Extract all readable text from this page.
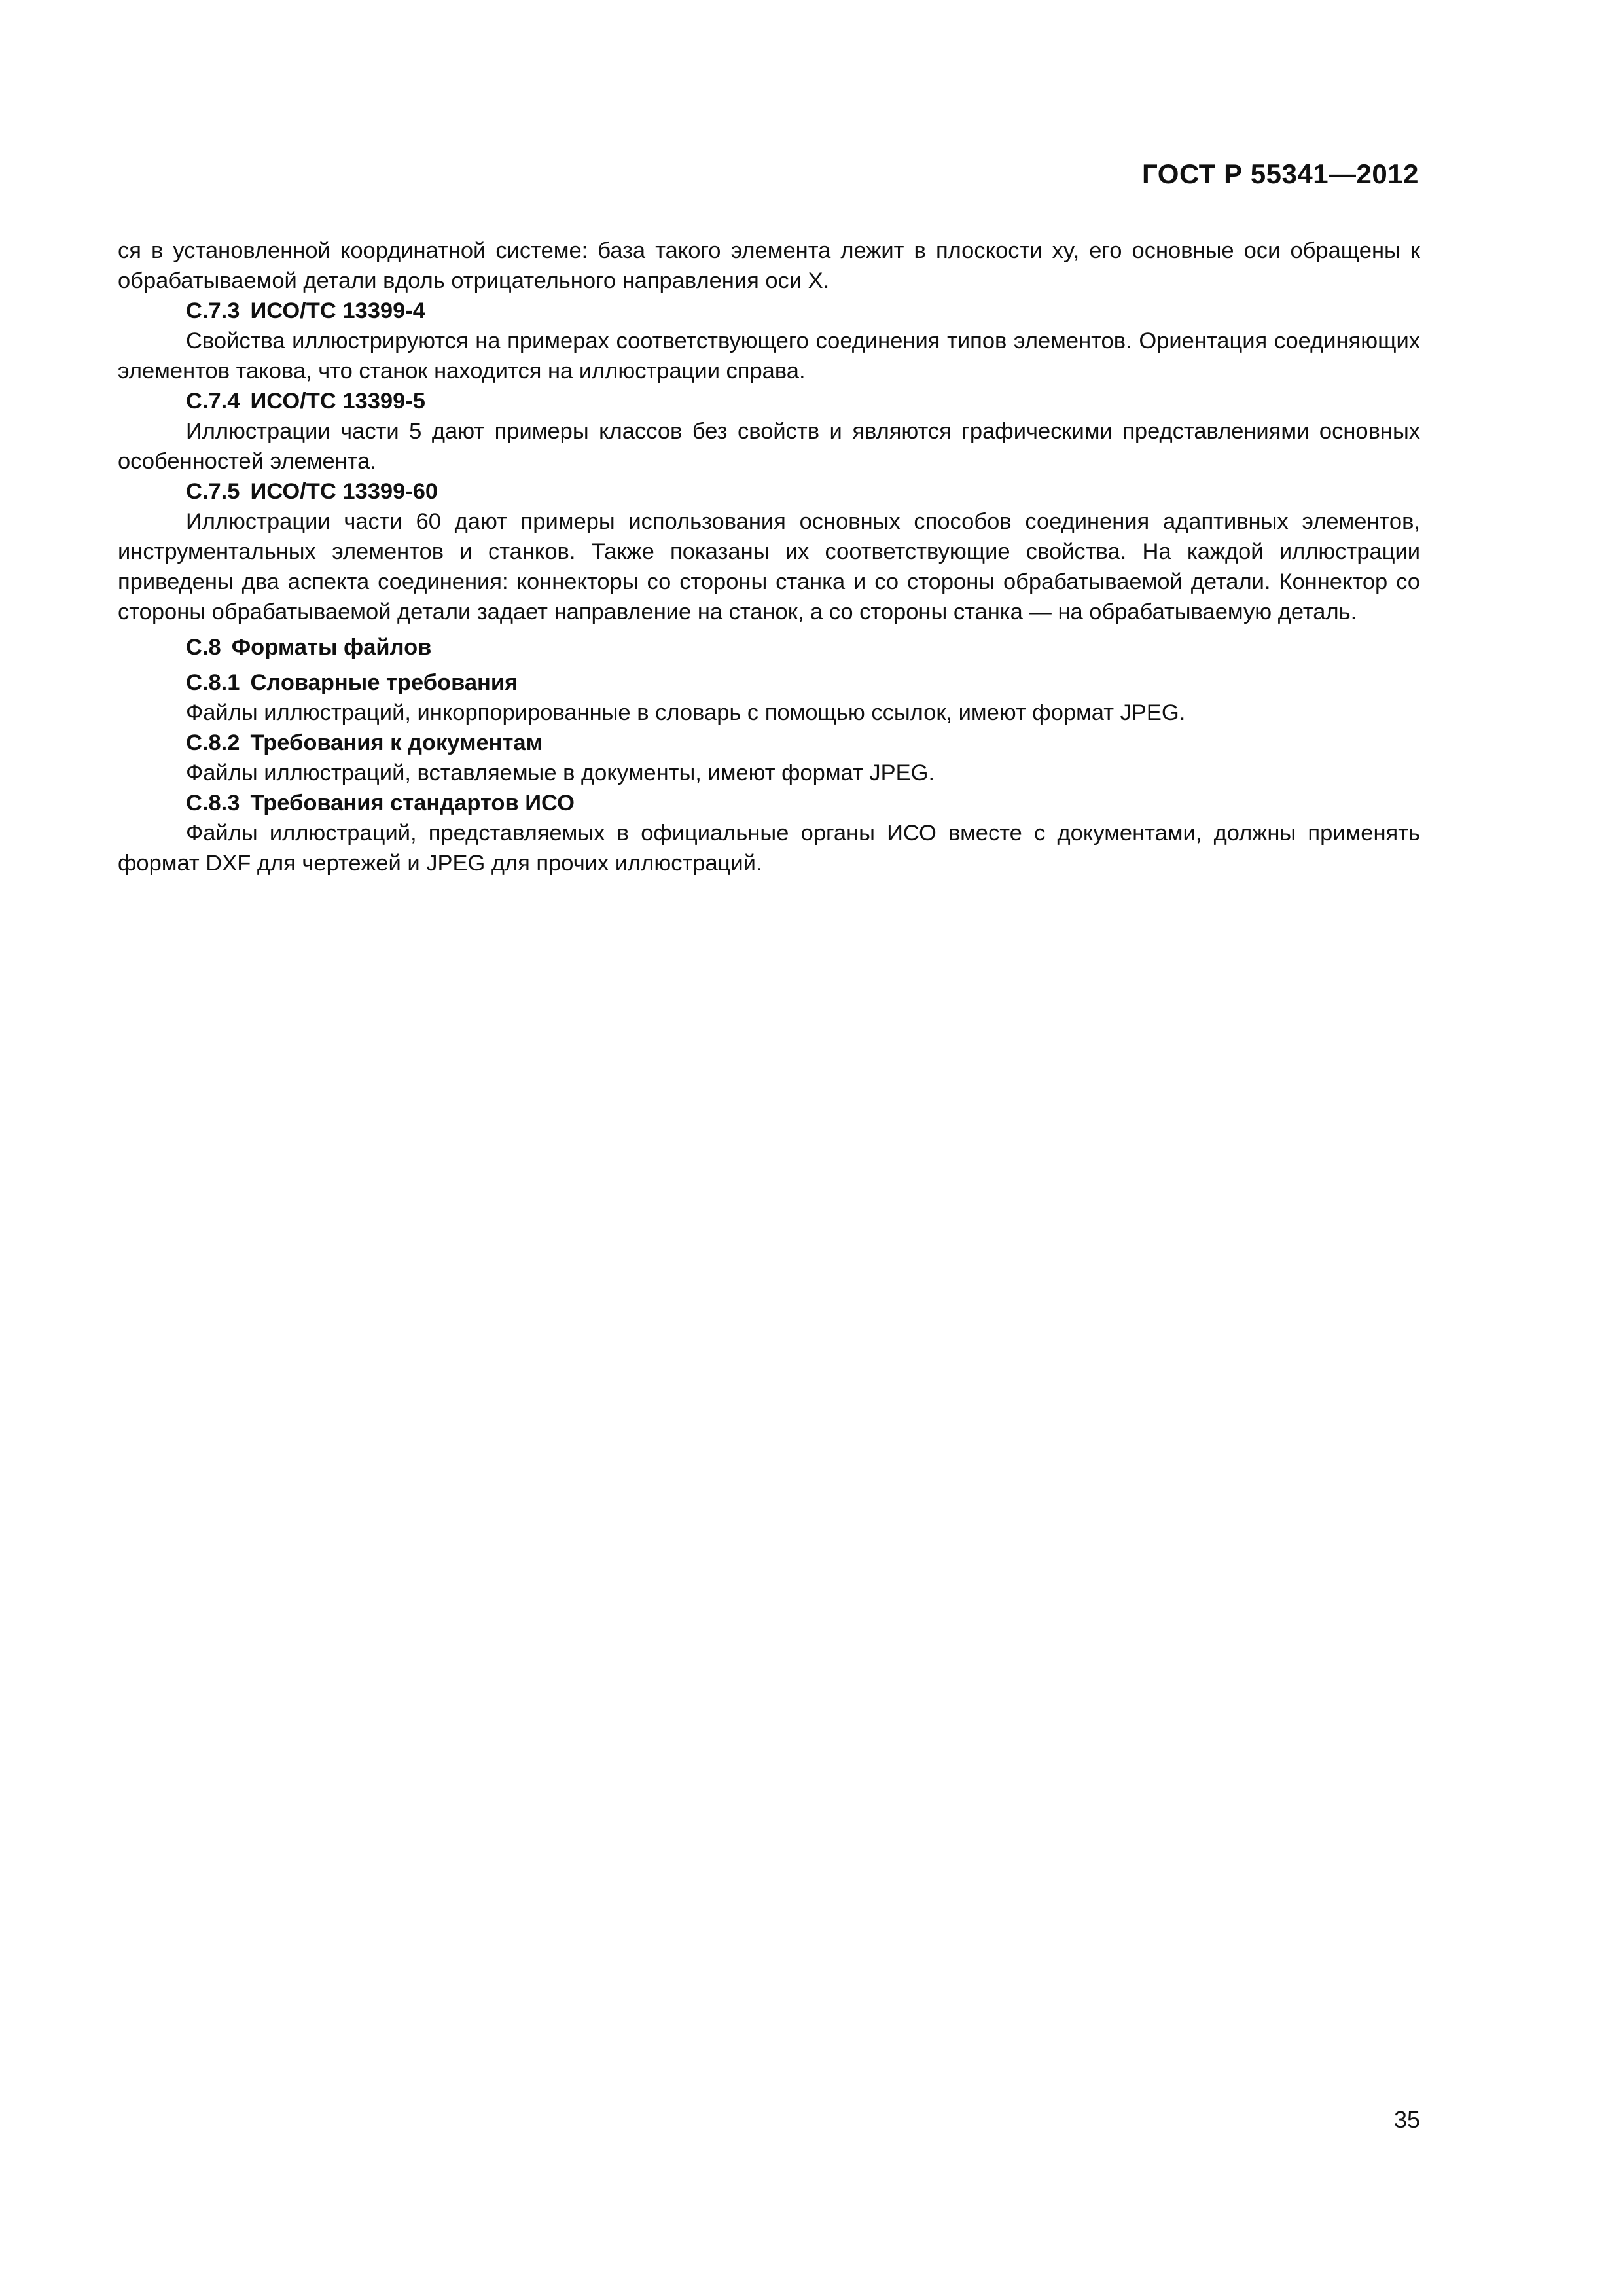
ГОСТ Р 55341—2012

ся в установленной координатной системе: база такого элемента лежит в плоскости xy, его основные оси обращены к обрабатываемой детали вдоль отрицательного направления оси X.

С.7.3 ИСО/ТС 13399-4

Свойства иллюстрируются на примерах соответствующего соединения типов элементов. Ориентация соединяющих элементов такова, что станок находится на иллюстрации справа.

С.7.4 ИСО/ТС 13399-5

Иллюстрации части 5 дают примеры классов без свойств и являются графическими представлениями основных особенностей элемента.

С.7.5 ИСО/ТС 13399-60

Иллюстрации части 60 дают примеры использования основных способов соединения адаптивных элементов, инструментальных элементов и станков. Также показаны их соответствующие свойства. На каждой иллюстрации приведены два аспекта соединения: коннекторы со стороны станка и со стороны обрабатываемой детали. Коннектор со стороны обрабатываемой детали задает направление на станок, а со стороны станка — на обрабатываемую деталь.

С.8 Форматы файлов

С.8.1 Словарные требования

Файлы иллюстраций, инкорпорированные в словарь с помощью ссылок, имеют формат JPEG.

С.8.2 Требования к документам

Файлы иллюстраций, вставляемые в документы, имеют формат JPEG.

С.8.3 Требования стандартов ИСО

Файлы иллюстраций, представляемых в официальные органы ИСО вместе с документами, должны применять формат DXF для чертежей и JPEG для прочих иллюстраций.

35
